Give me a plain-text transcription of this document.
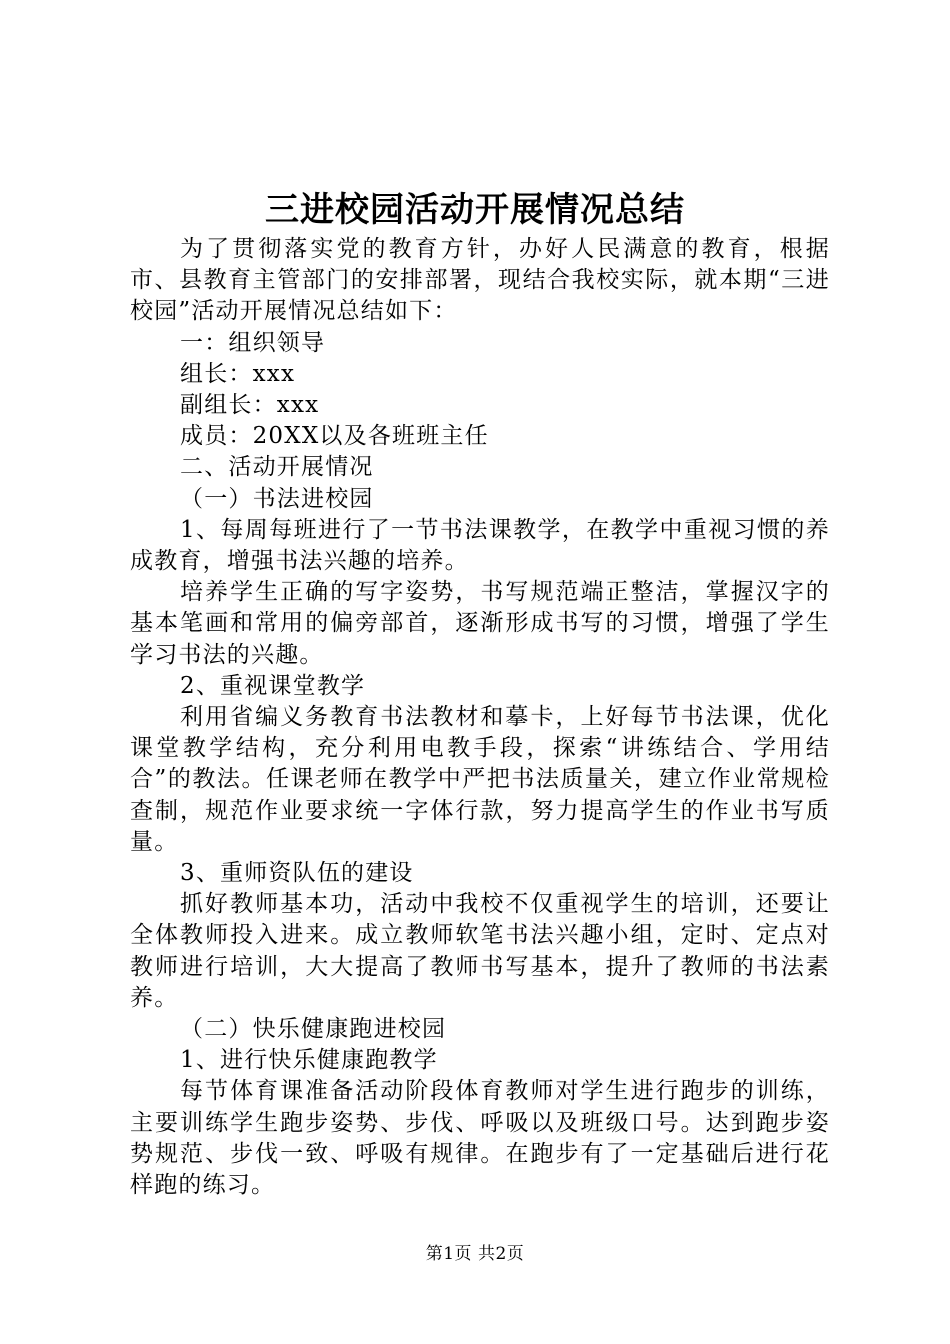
三进校园活动开展情况总结

为了贯彻落实党的教育方针，办好人民满意的教育，根据市、县教育主管部门的安排部署，现结合我校实际，就本期“三进校园”活动开展情况总结如下：

一：组织领导

组长：xxx

副组长：xxx

成员：20XX以及各班班主任

二、活动开展情况

（一）书法进校园

1、每周每班进行了一节书法课教学，在教学中重视习惯的养成教育，增强书法兴趣的培养。

培养学生正确的写字姿势，书写规范端正整洁，掌握汉字的基本笔画和常用的偏旁部首，逐渐形成书写的习惯，增强了学生学习书法的兴趣。

2、重视课堂教学

利用省编义务教育书法教材和摹卡，上好每节书法课，优化课堂教学结构，充分利用电教手段，探索“讲练结合、学用结合”的教法。任课老师在教学中严把书法质量关，建立作业常规检查制，规范作业要求统一字体行款，努力提高学生的作业书写质量。

3、重师资队伍的建设

抓好教师基本功，活动中我校不仅重视学生的培训，还要让全体教师投入进来。成立教师软笔书法兴趣小组，定时、定点对教师进行培训，大大提高了教师书写基本，提升了教师的书法素养。

（二）快乐健康跑进校园

1、进行快乐健康跑教学

每节体育课准备活动阶段体育教师对学生进行跑步的训练，主要训练学生跑步姿势、步伐、呼吸以及班级口号。达到跑步姿势规范、步伐一致、呼吸有规律。在跑步有了一定基础后进行花样跑的练习。

第1页 共2页
